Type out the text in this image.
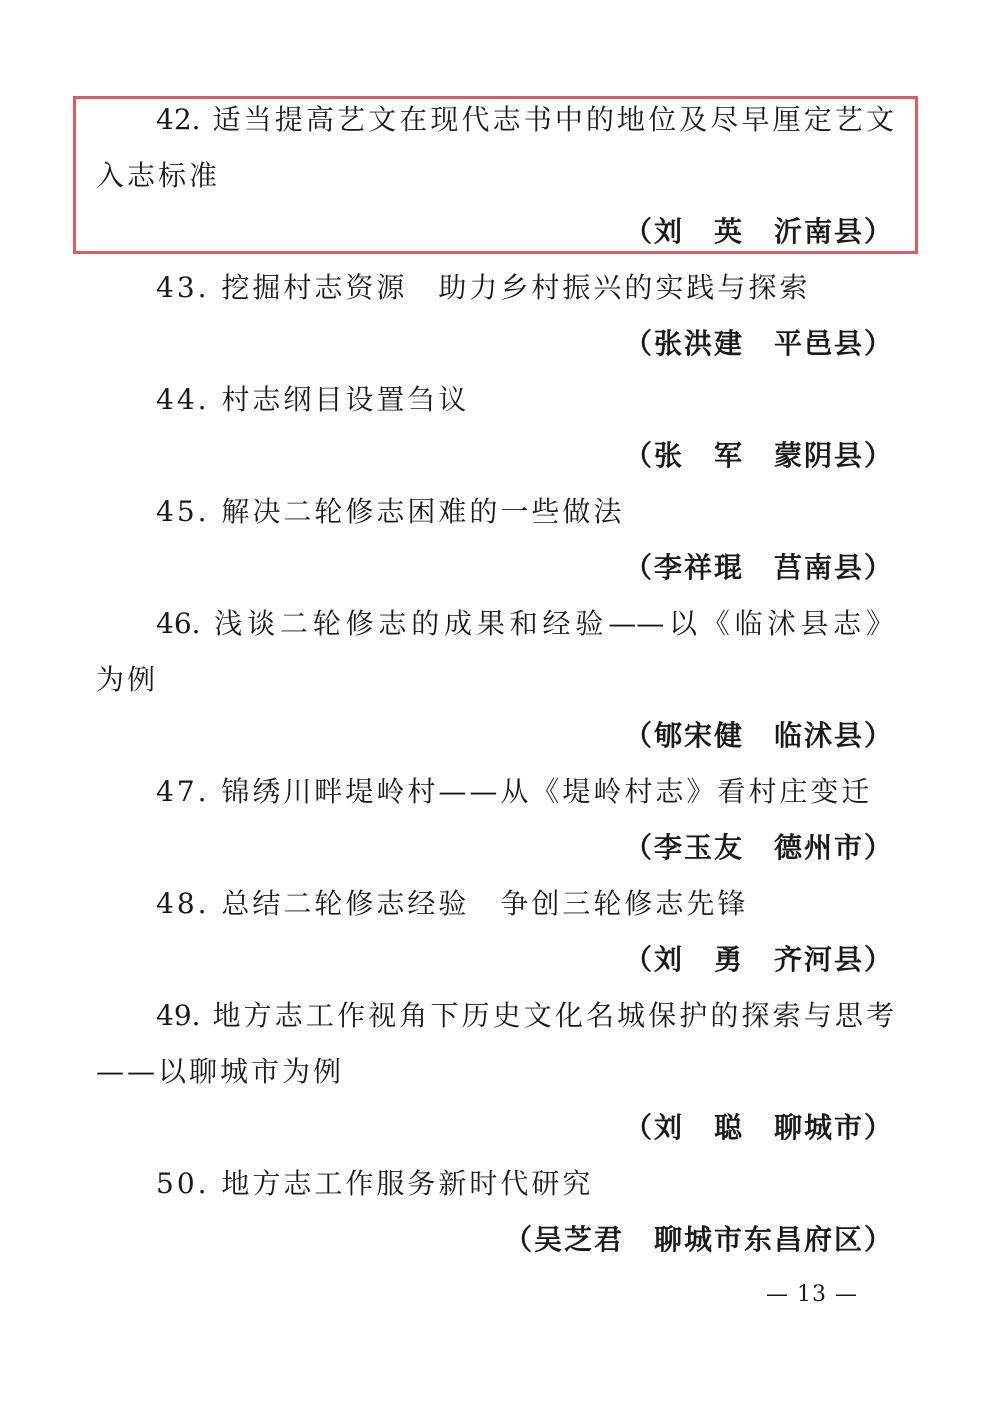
42. 适当提高艺文在现代志书中的地位及尽早厘定艺文
入志标准
（刘　英　沂南县）
43. 挖掘村志资源　助力乡村振兴的实践与探索
（张洪建　平邑县）
44. 村志纲目设置刍议
（张　军　蒙阴县）
45. 解决二轮修志困难的一些做法
（李祥琨　莒南县）
46. 浅谈二轮修志的成果和经验——以《临沭县志》
为例
（郇宋健　临沭县）
47. 锦绣川畔堤岭村——从《堤岭村志》看村庄变迁
（李玉友　德州市）
48. 总结二轮修志经验　争创三轮修志先锋
（刘　勇　齐河县）
49. 地方志工作视角下历史文化名城保护的探索与思考
——以聊城市为例
（刘　聪　聊城市）
50. 地方志工作服务新时代研究
（吴芝君　聊城市东昌府区）
— 13 —
